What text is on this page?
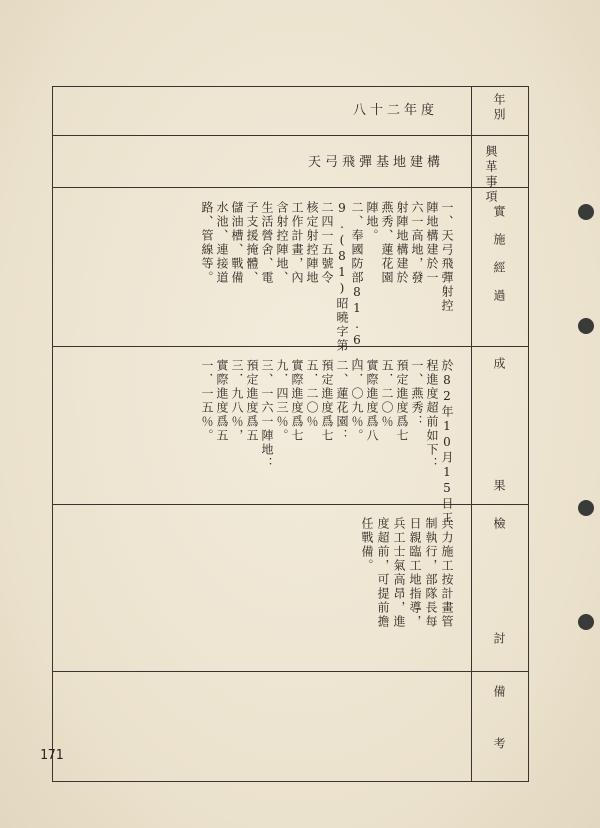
年別
興革事項
實施經過
成
果
檢
討
備
考
八十二年度
天弓飛彈基地建構
一、天弓飛彈射控
陣地構建於一
六一高地，發
射陣地構建於
燕秀、蓮花園
陣地。
二、奉國防部81.6.
9.(81)昭曉字第
二四一五號令
核定射控陣地
工作計畫，內
含射控陣地、
生活營舍、電
子支援掩體、
儲油槽、戰備
水池、連接道
路、管線等。
於82年10月15日工
程進度超前如下：
一、燕秀：
預定進度爲七
五．二〇％
實際進度爲八
四．〇九％。
二、蓮花園：
預定進度爲七
五．二〇％
實際進度爲七
九．四三％。
三、一六一陣地：
預定進度爲五
三．九八％，
實際進度爲五
一．一五％。
兵力施工按計畫管
制執行，部隊長每
日親臨工地指導，
兵工士氣高昂，進
度超前，可提前擔
任戰備。
171
